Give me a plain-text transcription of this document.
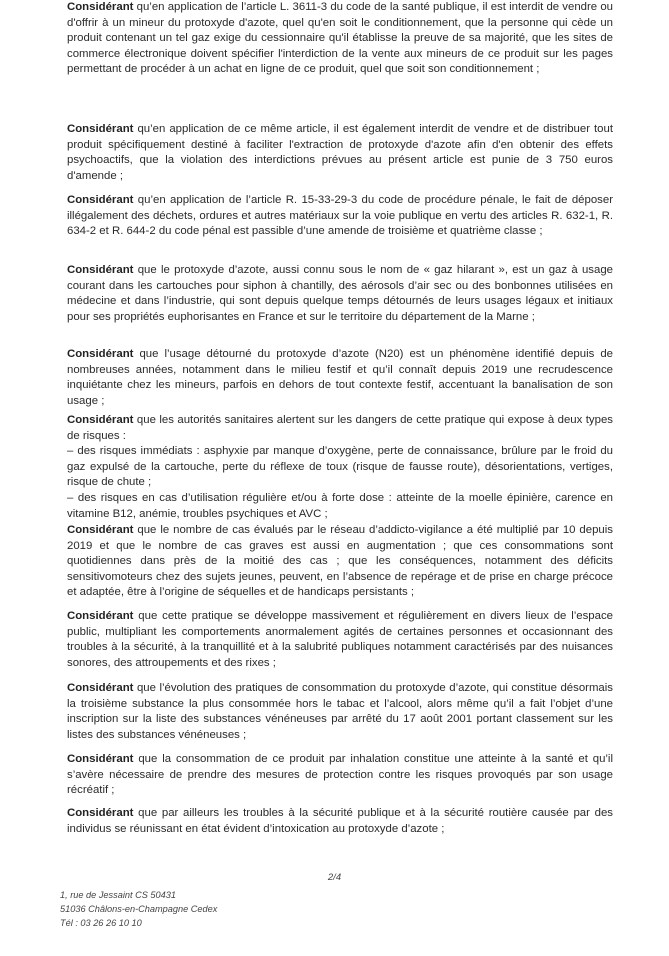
Considérant qu’en application de l’article L. 3611-3 du code de la santé publique, il est interdit de vendre ou d'offrir à un mineur du protoxyde d'azote, quel qu'en soit le conditionnement, que la personne qui cède un produit contenant un tel gaz exige du cessionnaire qu'il établisse la preuve de sa majorité, que les sites de commerce électronique doivent spécifier l'interdiction de la vente aux mineurs de ce produit sur les pages permettant de procéder à un achat en ligne de ce produit, quel que soit son conditionnement ;

Considérant qu’en application de ce même article, il est également interdit de vendre et de distribuer tout produit spécifiquement destiné à faciliter l'extraction de protoxyde d'azote afin d'en obtenir des effets psychoactifs, que la violation des interdictions prévues au présent article est punie de 3 750 euros d'amende ;

Considérant qu’en application de l’article R. 15-33-29-3 du code de procédure pénale, le fait de déposer illégalement des déchets, ordures et autres matériaux sur la voie publique en vertu des articles R. 632-1, R. 634-2 et R. 644-2 du code pénal est passible d’une amende de troisième et quatrième classe ;

Considérant que le protoxyde d’azote, aussi connu sous le nom de « gaz hilarant », est un gaz à usage courant dans les cartouches pour siphon à chantilly, des aérosols d’air sec ou des bonbonnes utilisées en médecine et dans l’industrie, qui sont depuis quelque temps détournés de leurs usages légaux et initiaux pour ses propriétés euphorisantes en France et sur le territoire du département de la Marne ;

Considérant que l’usage détourné du protoxyde d’azote (N20) est un phénomène identifié depuis de nombreuses années, notamment dans le milieu festif et qu’il connaît depuis 2019 une recrudescence inquiétante chez les mineurs, parfois en dehors de tout contexte festif, accentuant la banalisation de son usage ;

Considérant que les autorités sanitaires alertent sur les dangers de cette pratique qui expose à deux types de risques :
– des risques immédiats : asphyxie par manque d’oxygène, perte de connaissance, brûlure par le froid du gaz expulsé de la cartouche, perte du réflexe de toux (risque de fausse route), désorientations, vertiges, risque de chute ;
– des risques en cas d’utilisation régulière et/ou à forte dose : atteinte de la moelle épinière, carence en vitamine B12, anémie, troubles psychiques et AVC ;

Considérant que le nombre de cas évalués par le réseau d’addicto-vigilance a été multiplié par 10 depuis 2019 et que le nombre de cas graves est aussi en augmentation ; que ces consommations sont quotidiennes dans près de la moitié des cas ; que les conséquences, notamment des déficits sensitivomoteurs chez des sujets jeunes, peuvent, en l’absence de repérage et de prise en charge précoce et adaptée, être à l’origine de séquelles et de handicaps persistants ;

Considérant que cette pratique se développe massivement et régulièrement en divers lieux de l’espace public, multipliant les comportements anormalement agités de certaines personnes et occasionnant des troubles à la sécurité, à la tranquillité et à la salubrité publiques notamment caractérisés par des nuisances sonores, des attroupements et des rixes ;

Considérant que l’évolution des pratiques de consommation du protoxyde d’azote, qui constitue désormais la troisième substance la plus consommée hors le tabac et l’alcool, alors même qu’il a fait l’objet d’une inscription sur la liste des substances vénéneuses par arrêté du 17 août 2001 portant classement sur les listes des substances vénéneuses ;

Considérant que la consommation de ce produit par inhalation constitue une atteinte à la santé et qu’il s’avère nécessaire de prendre des mesures de protection contre les risques provoqués par son usage récréatif ;

Considérant que par ailleurs les troubles à la sécurité publique et à la sécurité routière causée par des individus se réunissant en état évident d’intoxication au protoxyde d’azote ;

2/4
1, rue de Jessaint CS 50431
51036 Châlons-en-Champagne Cedex
Tél : 03 26 26 10 10
